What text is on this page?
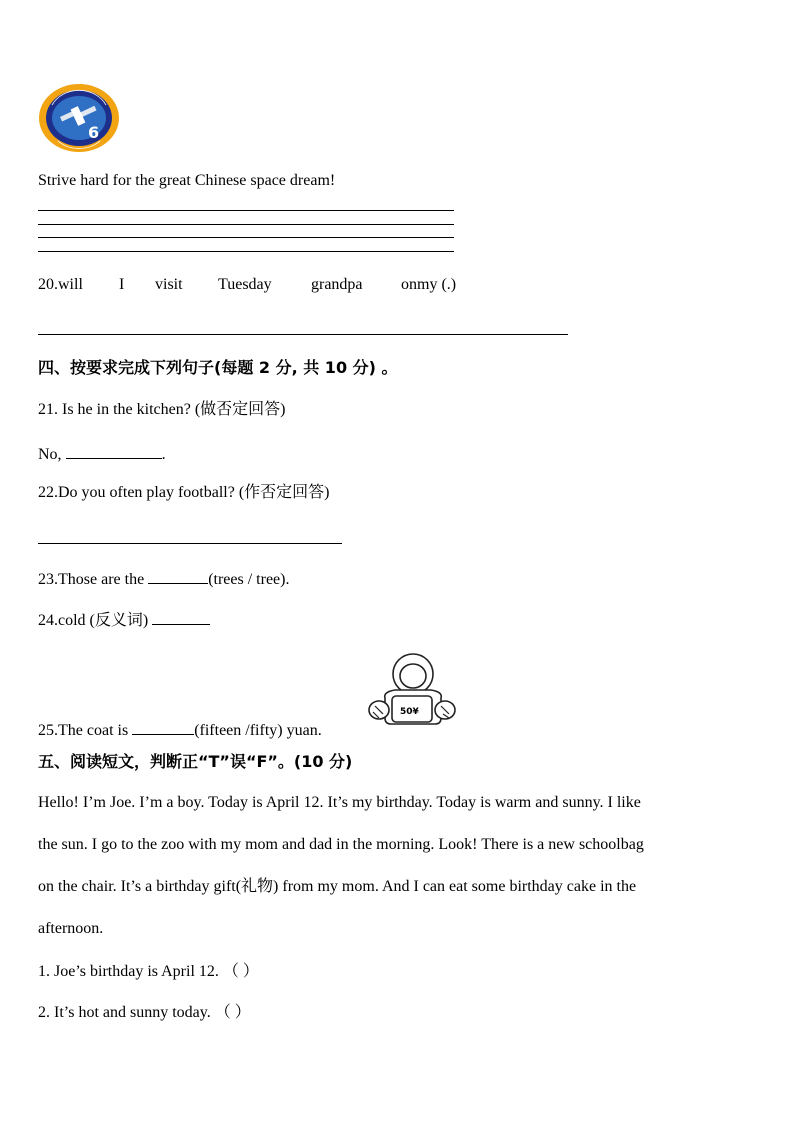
6
Strive hard for the great Chinese space dream!
20.will I visit Tuesday grandpa onmy (.)
四、按要求完成下列句子(每题 2 分, 共 10 分) 。
21. Is he in the kitchen? (做否定回答)
No,	.
22.Do you often play football? (作否定回答)
23.Those are the	(trees / tree).
24.cold (反义词)
25.The coat is	(fifteen /fifty) yuan.
50¥
五、阅读短文，判断正“T”误“F”。(10 分)
Hello! I’m Joe. I’m a boy. Today is April 12. It’s my birthday. Today is warm and sunny. I like
the sun. I go to the zoo with my mom and dad in the morning. Look! There is a new schoolbag
on the chair. It’s a birthday gift(礼物) from my mom. And I can eat some birthday cake in the
afternoon.
1. Joe’s birthday is April 12. （ ）
2. It’s hot and sunny today. （ ）
